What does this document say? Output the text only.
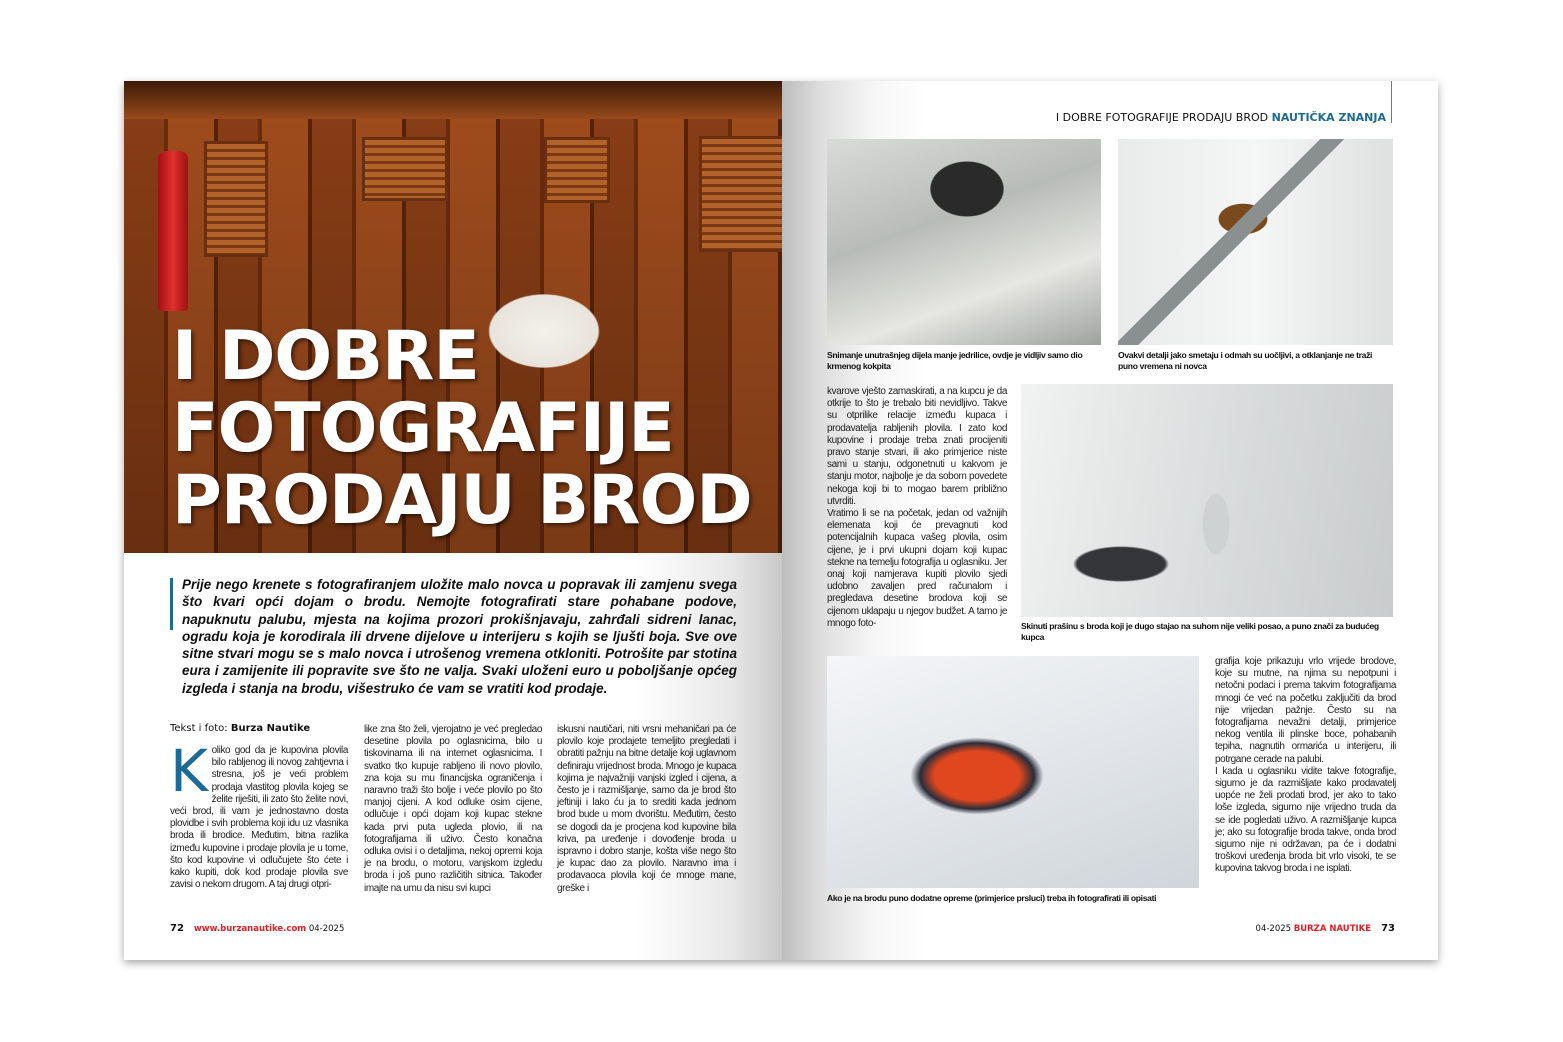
I DOBRE
FOTOGRAFIJE
PRODAJU BROD
Prije nego krenete s fotografiranjem uložite malo novca u popravak ili zamjenu svega što kvari opći dojam o brodu. Nemojte fotografirati stare pohabane podove, napuknutu palubu, mjesta na kojima prozori prokišnjavaju, zahrđali sidreni lanac, ogradu koja je korodirala ili drvene dijelove u interijeru s kojih se ljušti boja. Sve ove sitne stvari mogu se s malo novca i utrošenog vremena otkloniti. Potrošite par stotina eura i zamijenite ili popravite sve što ne valja. Svaki uloženi euro u poboljšanje općeg izgleda i stanja na brodu, višestruko će vam se vratiti kod prodaje.
Tekst i foto: Burza Nautike
Koliko god da je kupovina plovila bilo rabljenog ili novog zahtjevna i stresna, još je veći problem prodaja vlastitog plovila kojeg se želite riješiti, ili zato što želite novi, veći brod, ili vam je jednostavno dosta plovidbe i svih problema koji idu uz vlasnika broda ili brodice. Međutim, bitna razlika između kupovine i prodaje plovila je u tome, što kod kupovine vi odlučujete što ćete i kako kupiti, dok kod prodaje plovila sve zavisi o nekom drugom. A taj drugi otpri-
like zna što želi, vjerojatno je već pregledao desetine plovila po oglasnicima, bilo u tiskovinama ili na internet oglasnicima. I svatko tko kupuje rabljeno ili novo plovilo, zna koja su mu financijska ograničenja i naravno traži što bolje i veće plovilo po što manjoj cijeni. A kod odluke osim cijene, odlučuje i opći dojam koji kupac stekne kada prvi puta ugleda plovio, ili na fotografijama ili uživo. Često konačna odluka ovisi i o detaljima, nekoj opremi koja je na brodu, o motoru, vanjskom izgledu broda i još puno različitih sitnica. Također imajte na umu da nisu svi kupci
iskusni nautičari, niti vrsni mehaničari pa će plovilo koje prodajete temeljito pregledati i obratiti pažnju na bitne detalje koji uglavnom definiraju vrijednost broda. Mnogo je kupaca kojima je najvažniji vanjski izgled i cijena, a često je i razmišljanje, samo da je brod što jeftiniji i lako ću ja to srediti kada jednom brod bude u mom dvorištu. Međutim, često se dogodi da je procjena kod kupovine bila kriva, pa uređenje i dovođenje broda u ispravno i dobro stanje, košta više nego što je kupac dao za plovilo. Naravno ima i prodavaoca plovila koji će mnoge mane, greške i
72 www.burzanautike.com 04-2025
I DOBRE FOTOGRAFIJE PRODAJU BROD NAUTIČKA ZNANJA
Snimanje unutrašnjeg dijela manje jedrilice, ovdje je vidljiv samo dio krmenog kokpita
Ovakvi detalji jako smetaju i odmah su uočljivi, a otklanjanje ne traži puno vremena ni novca

kvarove vješto zamaskirati, a na kupcu je da otkrije to što je trebalo biti nevidljivo. Takve su otprilike relacije između kupaca i prodavatelja rabljenih plovila. I zato kod kupovine i prodaje treba znati procijeniti pravo stanje stvari, ili ako primjerice niste sami u stanju, odgonetnuti u kakvom je stanju motor, najbolje je da sobom povedete nekoga koji bi to mogao barem približno utvrditi.

Vratimo li se na početak, jedan od važnijih elemenata koji će prevagnuti kod potencijalnih kupaca vašeg plovila, osim cijene, je i prvi ukupni dojam koji kupac stekne na temelju fotografija u oglasniku. Jer onaj koji namjerava kupiti plovilo sjedi udobno zavaljen pred računalom i pregledava desetine brodova koji se cijenom uklapaju u njegov budžet. A tamo je mnogo foto-	Skinuti prašinu s broda koji je dugo stajao na suhom nije veliki posao, a puno znači za budućeg kupca
Ako je na brodu puno dodatne opreme (primjerice prsluci) treba ih fotografirati ili opisati

grafija koje prikazuju vrlo vrijede brodove, koje su mutne, na njima su nepotpuni i netočni podaci i prema takvim fotografijama mnogi će već na početku zaključiti da brod nije vrijedan pažnje. Često su na fotografijama nevažni detalji, primjerice nekog ventila ili plinske boce, pohabanih tepiha, nagnutih ormarića u interijeru, ili potrgane cerade na palubi.

I kada u oglasniku vidite takve fotografije, sigurno je da razmišljate kako prodavatelj uopće ne želi prodati brod, jer ako to tako loše izgleda, sigurno nije vrijedno truda da se ide pogledati uživo. A razmišljanje kupca je; ako su fotografije broda takve, onda brod sigurno nije ni održavan, pa će i dodatni troškovi uređenja broda bit vrlo visoki, te se kupovina takvog broda i ne isplati.

04-2025 BURZA NAUTIKE 73
